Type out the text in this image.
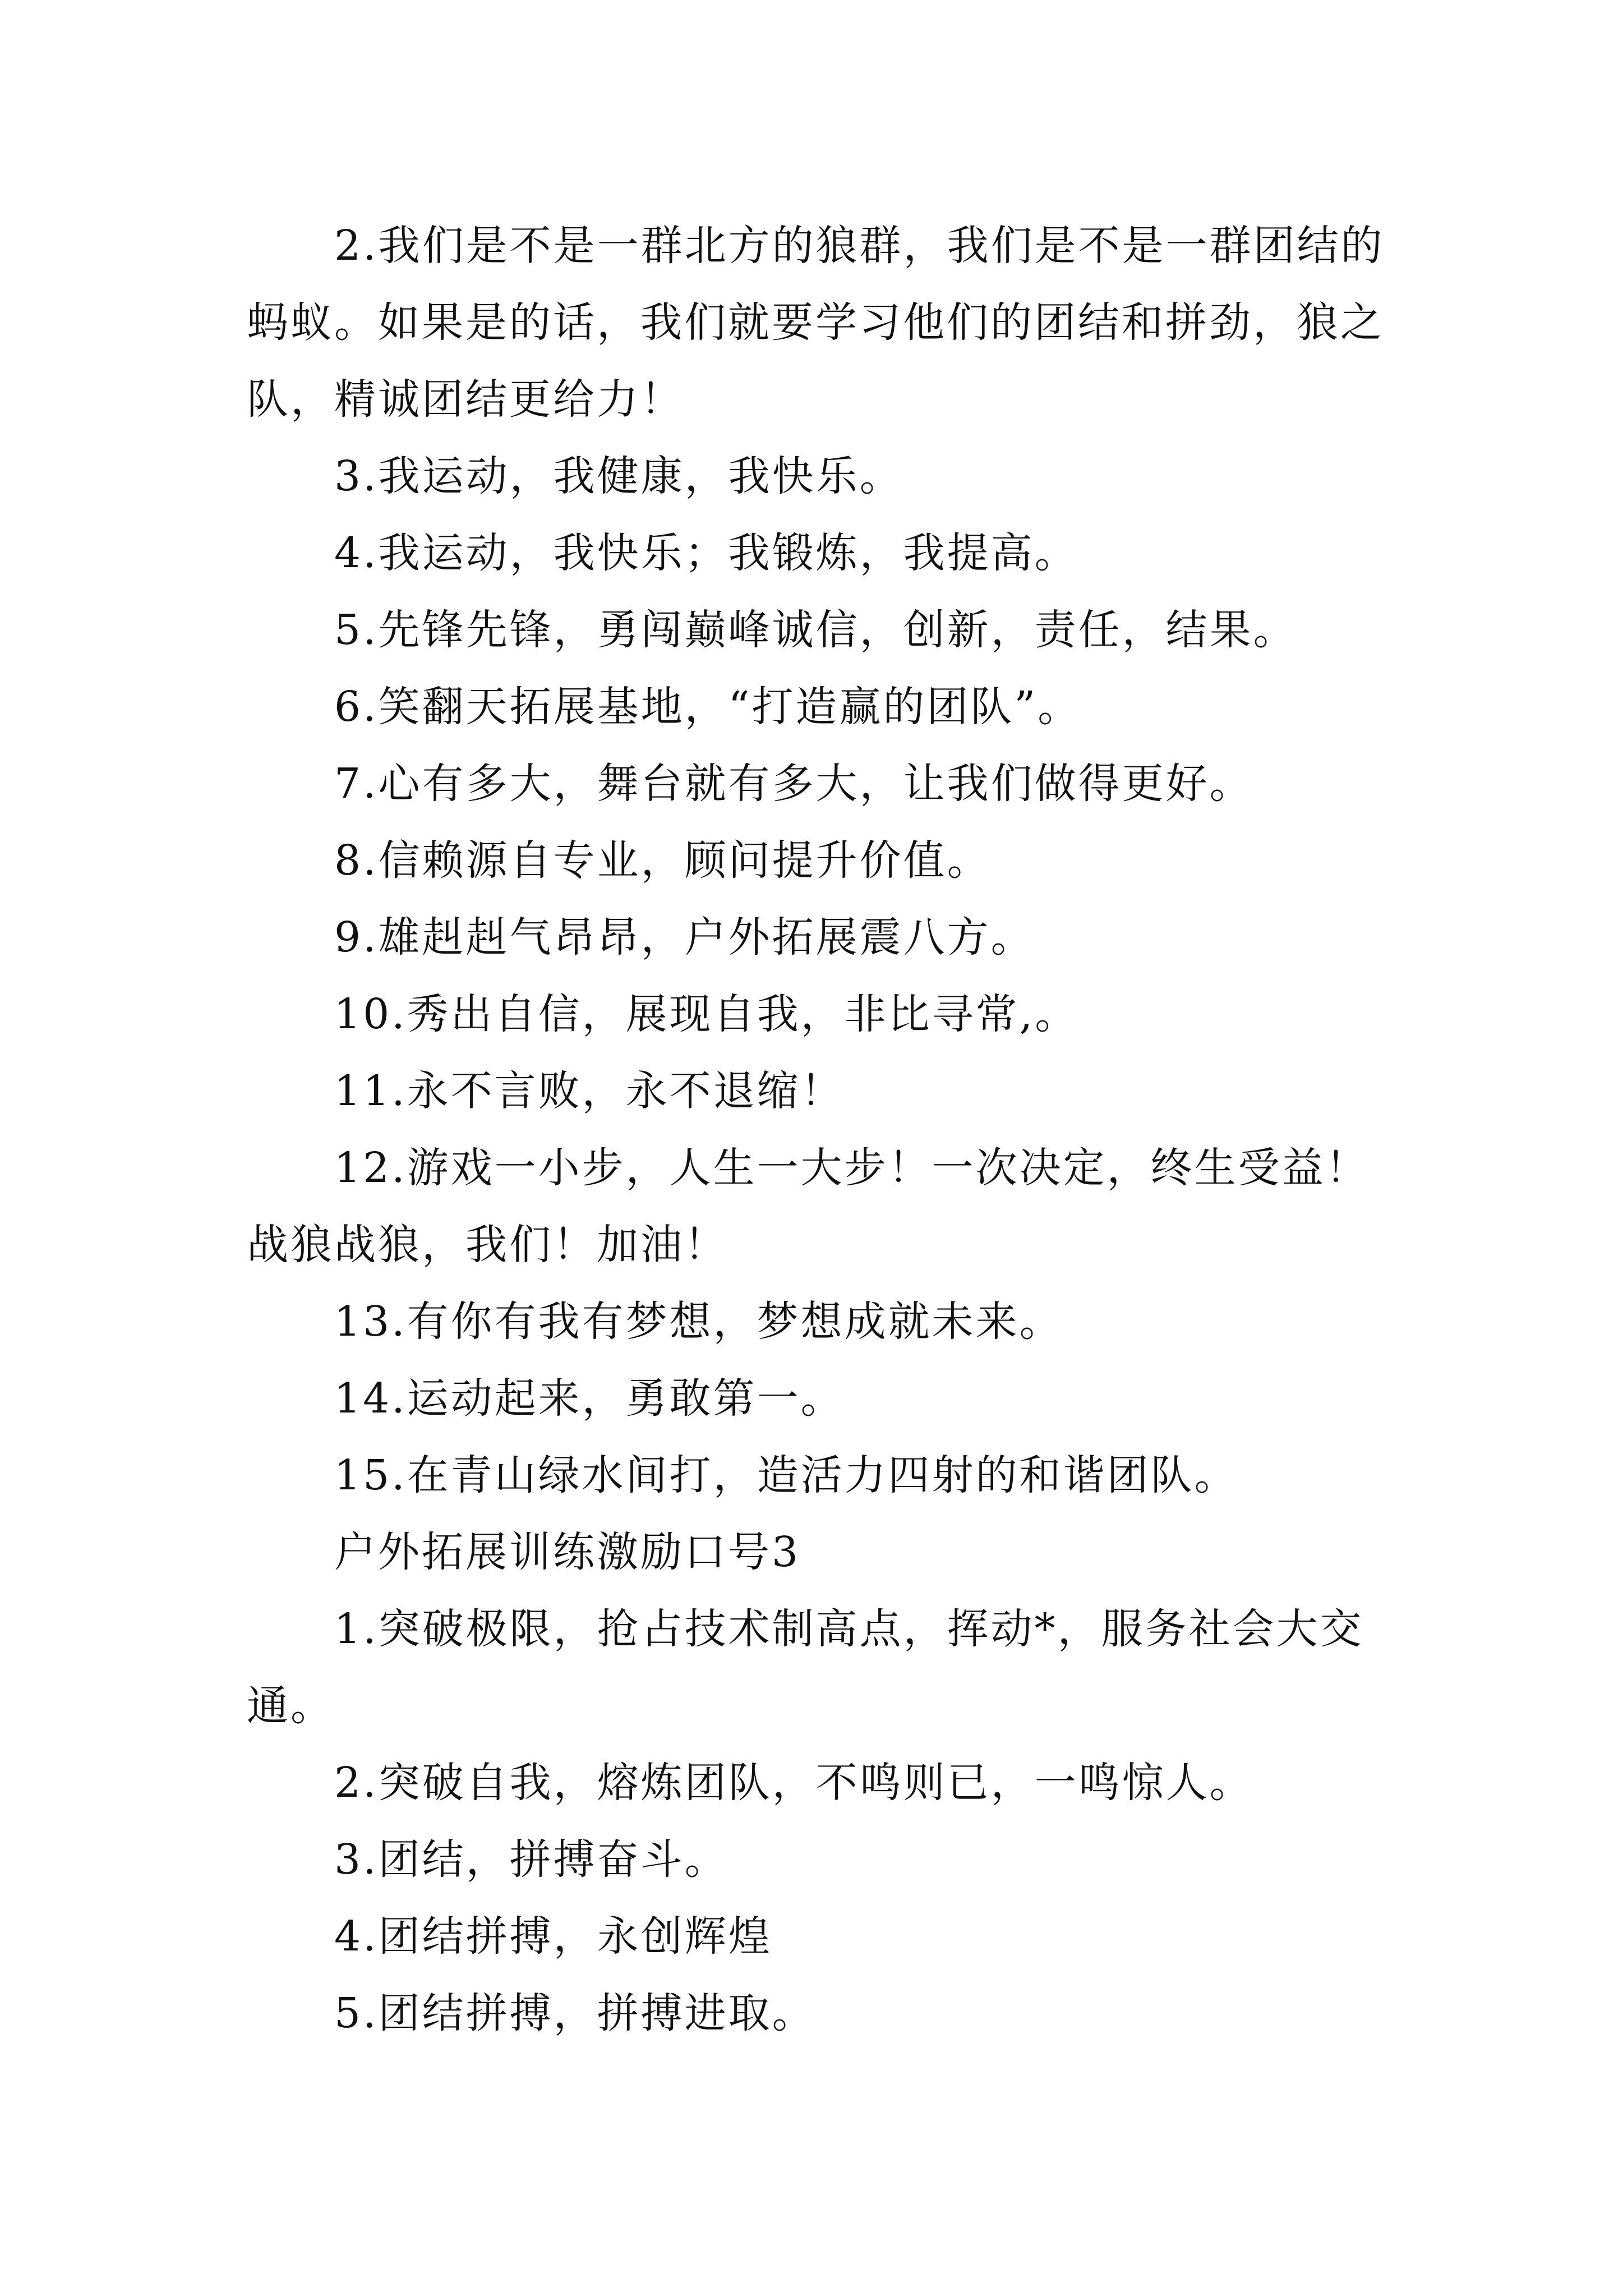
2.我们是不是一群北方的狼群，我们是不是一群团结的蚂蚁。如果是的话，我们就要学习他们的团结和拼劲，狼之队，精诚团结更给力！

3.我运动，我健康，我快乐。

4.我运动，我快乐；我锻炼，我提高。

5.先锋先锋，勇闯巅峰诚信，创新，责任，结果。

6.笑翻天拓展基地，“打造赢的团队”。

7.心有多大，舞台就有多大，让我们做得更好。

8.信赖源自专业，顾问提升价值。

9.雄赳赳气昂昂，户外拓展震八方。

10.秀出自信，展现自我，非比寻常,。

11.永不言败，永不退缩！

12.游戏一小步，人生一大步！一次决定，终生受益！战狼战狼，我们！加油！

13.有你有我有梦想，梦想成就未来。

14.运动起来，勇敢第一。

15.在青山绿水间打，造活力四射的和谐团队。

户外拓展训练激励口号3

1.突破极限，抢占技术制高点，挥动*，服务社会大交通。

2.突破自我，熔炼团队，不鸣则已，一鸣惊人。

3.团结，拼搏奋斗。

4.团结拼搏，永创辉煌

5.团结拼搏，拼搏进取。
